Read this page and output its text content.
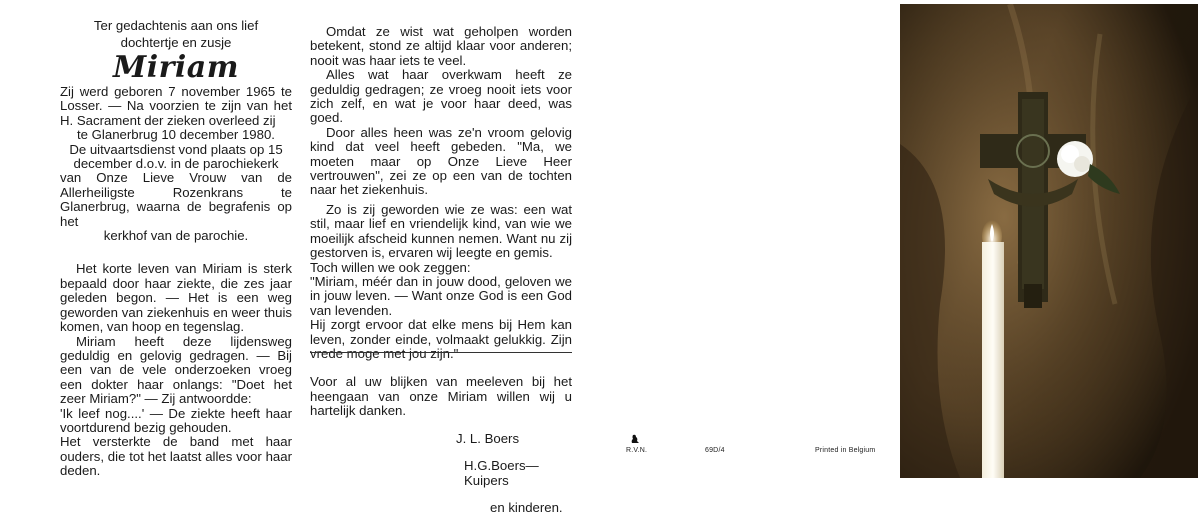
Ter gedachtenis aan ons lief

dochtertje en zusje

Miriam

Zij werd geboren 7 november 1965 te Losser. — Na voorzien te zijn van het H. Sacrament der zieken overleed zij

te Glanerbrug 10 december 1980.

De uitvaartsdienst vond plaats op 15 december d.o.v. in de parochiekerk

van Onze Lieve Vrouw van de Allerheiligste Rozenkrans te Glanerbrug, waarna de begrafenis op het

kerkhof van de parochie.

Het korte leven van Miriam is sterk bepaald door haar ziekte, die zes jaar geleden begon. — Het is een weg geworden van ziekenhuis en weer thuis komen, van hoop en tegenslag.

Miriam heeft deze lijdensweg geduldig en gelovig gedragen. — Bij een van de vele onderzoeken vroeg een dokter haar onlangs: "Doet het zeer Miriam?" — Zij antwoordde:

'Ik leef nog....' — De ziekte heeft haar voortdurend bezig gehouden.

Het versterkte de band met haar ouders, die tot het laatst alles voor haar deden.

Omdat ze wist wat geholpen worden betekent, stond ze altijd klaar voor anderen; nooit was haar iets te veel.

Alles wat haar overkwam heeft ze geduldig gedragen; ze vroeg nooit iets voor zich zelf, en wat je voor haar deed, was goed.

Door alles heen was ze'n vroom gelovig kind dat veel heeft gebeden. "Ma, we moeten maar op Onze Lieve Heer vertrouwen", zei ze op een van de tochten naar het ziekenhuis.

Zo is zij geworden wie ze was: een wat stil, maar lief en vriendelijk kind, van wie we moeilijk afscheid kunnen nemen. Want nu zij gestorven is, ervaren wij leegte en gemis.

Toch willen we ook zeggen:

"Miriam, méér dan in jouw dood, geloven we in jouw leven. — Want onze God is een God van levenden.

Hij zorgt ervoor dat elke mens bij Hem kan leven, zonder einde, volmaakt gelukkig. Zijn vrede moge met jou zijn."

Voor al uw blijken van meeleven bij het heengaan van onze Miriam willen wij u hartelijk danken.

J. L. Boers

H.G.Boers—Kuipers

en kinderen.

R.V.N.	69D/4	Printed in Belgium
